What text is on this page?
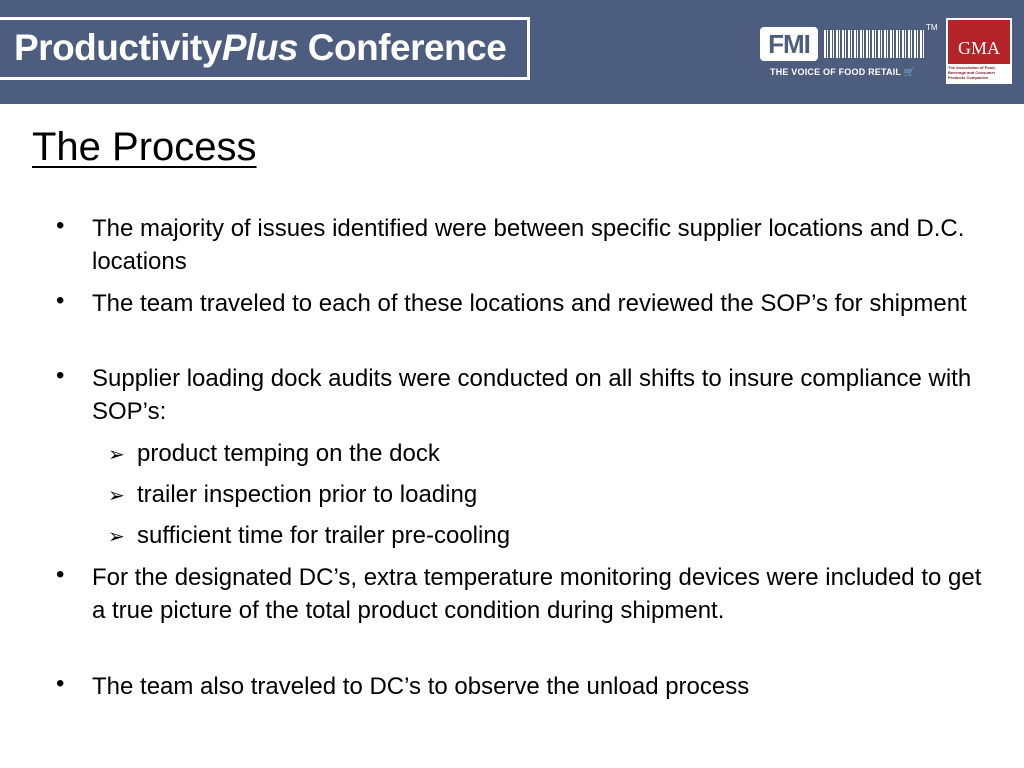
ProductivityPlus Conference	FMI
TM
THE VOICE OF FOOD RETAIL 🛒
GMA
The Association of Food, Beverage and Consumer Products Companies
The Process
• The majority of issues identified were between specific supplier locations and D.C. locations
• The team traveled to each of these locations and reviewed the SOP’s for shipment
• Supplier loading dock audits were conducted on all shifts to insure compliance with SOP’s:
➢ product temping on the dock
➢ trailer inspection prior to loading
➢ sufficient time for trailer pre-cooling
• For the designated DC’s, extra temperature monitoring devices were included to get a true picture of the total product condition during shipment.
• The team also traveled to DC’s to observe the unload process
